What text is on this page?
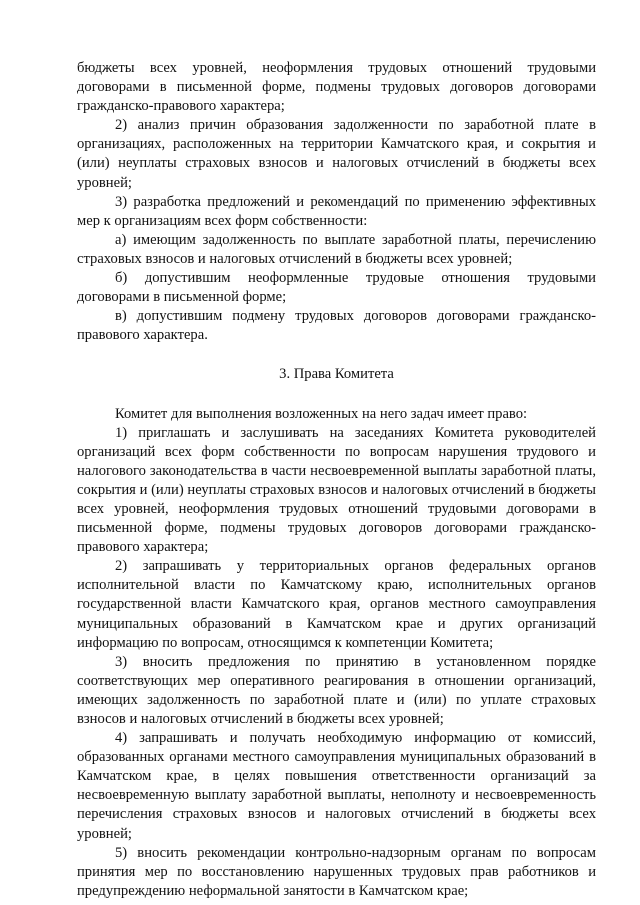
бюджеты всех уровней, неоформления трудовых отношений трудовыми договорами в письменной форме, подмены трудовых договоров договорами гражданско-правового характера;

2) анализ причин образования задолженности по заработной плате в организациях, расположенных на территории Камчатского края, и сокрытия и (или) неуплаты страховых взносов и налоговых отчислений в бюджеты всех уровней;

3) разработка предложений и рекомендаций по применению эффективных мер к организациям всех форм собственности:

а) имеющим задолженность по выплате заработной платы, перечислению страховых взносов и налоговых отчислений в бюджеты всех уровней;

б) допустившим неоформленные трудовые отношения трудовыми договорами в письменной форме;

в) допустившим подмену трудовых договоров договорами гражданско-правового характера.

3. Права Комитета

Комитет для выполнения возложенных на него задач имеет право:

1) приглашать и заслушивать на заседаниях Комитета руководителей организаций всех форм собственности по вопросам нарушения трудового и налогового законодательства в части несвоевременной выплаты заработной платы, сокрытия и (или) неуплаты страховых взносов и налоговых отчислений в бюджеты всех уровней, неоформления трудовых отношений трудовыми договорами в письменной форме, подмены трудовых договоров договорами гражданско-правового характера;

2) запрашивать у территориальных органов федеральных органов исполнительной власти по Камчатскому краю, исполнительных органов государственной власти Камчатского края, органов местного самоуправления муниципальных образований в Камчатском крае и других организаций информацию по вопросам, относящимся к компетенции Комитета;

3) вносить предложения по принятию в установленном порядке соответствующих мер оперативного реагирования в отношении организаций, имеющих задолженность по заработной плате и (или) по уплате страховых взносов и налоговых отчислений в бюджеты всех уровней;

4) запрашивать и получать необходимую информацию от комиссий, образованных органами местного самоуправления муниципальных образований в Камчатском крае, в целях повышения ответственности организаций за несвоевременную выплату заработной выплаты, неполноту и несвоевременность перечисления страховых взносов и налоговых отчислений в бюджеты всех уровней;

5) вносить рекомендации контрольно-надзорным органам по вопросам принятия мер по восстановлению нарушенных трудовых прав работников и предупреждению неформальной занятости в Камчатском крае;
